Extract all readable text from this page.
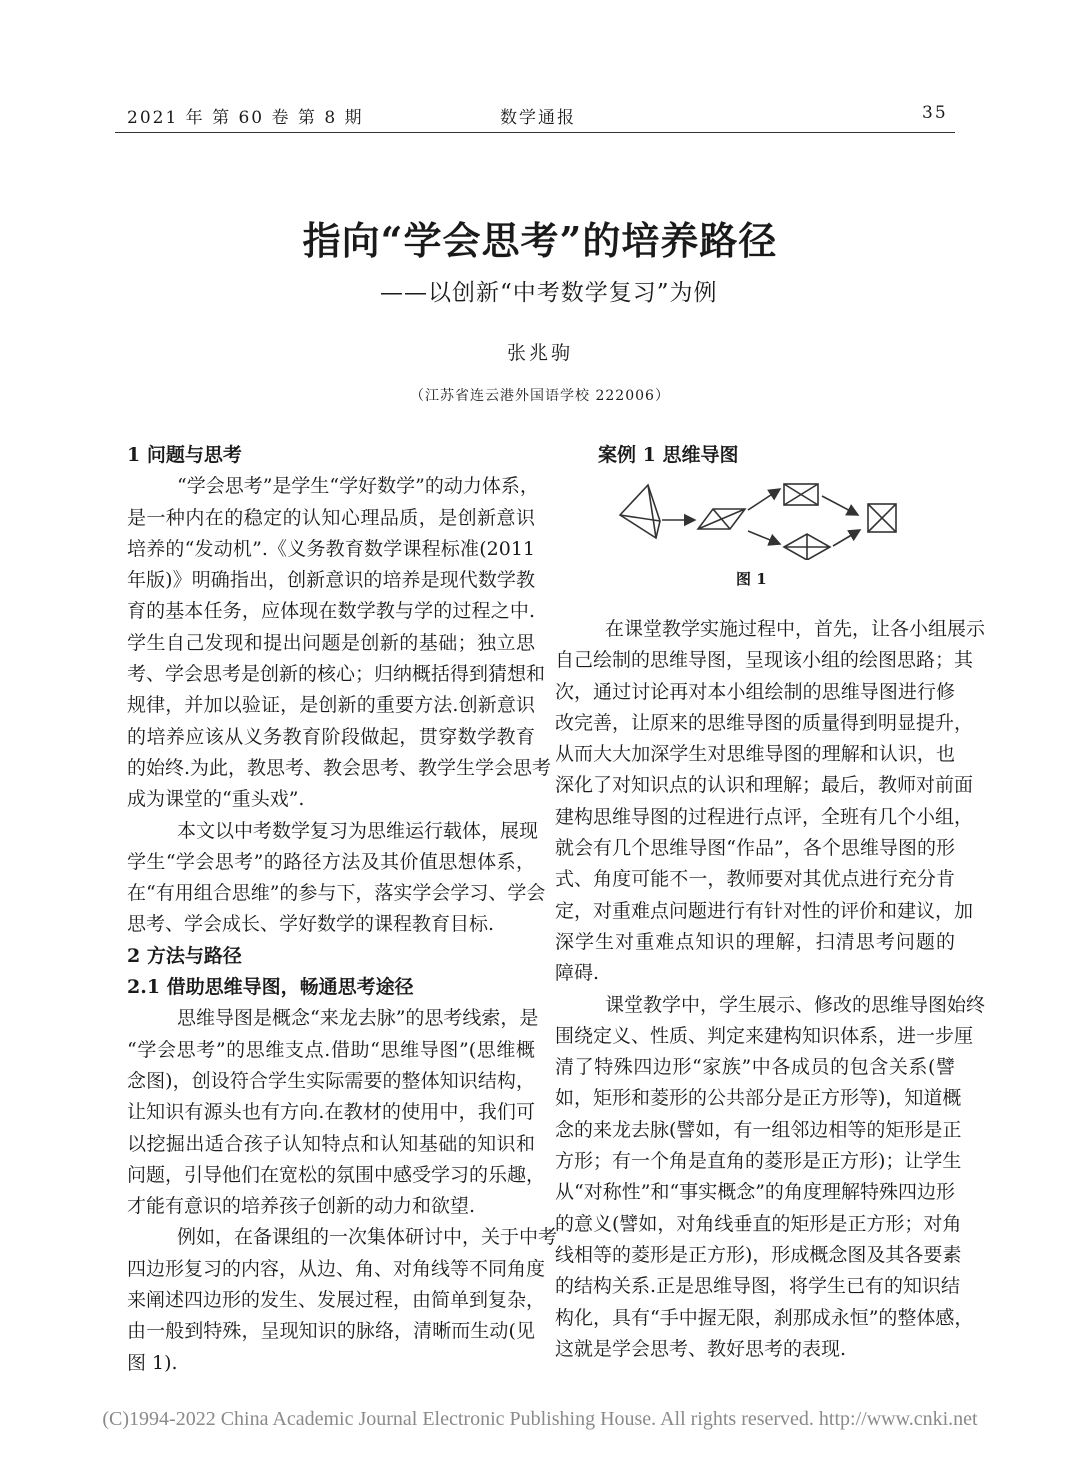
2021 年 第 60 卷 第 8 期	数学通报	35
指向“学会思考”的培养路径
——以创新“中考数学复习”为例
张兆驹
（江苏省连云港外国语学校 222006）
1 问题与思考
“学会思考”是学生“学好数学”的动力体系，
是一种内在的稳定的认知心理品质，是创新意识
培养的“发动机”.《义务教育数学课程标准(2011
年版)》明确指出，创新意识的培养是现代数学教
育的基本任务，应体现在数学教与学的过程之中.
学生自己发现和提出问题是创新的基础；独立思
考、学会思考是创新的核心；归纳概括得到猜想和
规律，并加以验证，是创新的重要方法.创新意识
的培养应该从义务教育阶段做起，贯穿数学教育
的始终.为此，教思考、教会思考、教学生学会思考
成为课堂的“重头戏”.
本文以中考数学复习为思维运行载体，展现
学生“学会思考”的路径方法及其价值思想体系，
在“有用组合思维”的参与下，落实学会学习、学会
思考、学会成长、学好数学的课程教育目标.
2 方法与路径
2.1 借助思维导图，畅通思考途径
思维导图是概念“来龙去脉”的思考线索，是
“学会思考”的思维支点.借助“思维导图”(思维概
念图)，创设符合学生实际需要的整体知识结构，
让知识有源头也有方向.在教材的使用中，我们可
以挖掘出适合孩子认知特点和认知基础的知识和
问题，引导他们在宽松的氛围中感受学习的乐趣，
才能有意识的培养孩子创新的动力和欲望.
例如，在备课组的一次集体研讨中，关于中考
四边形复习的内容，从边、角、对角线等不同角度
来阐述四边形的发生、发展过程，由简单到复杂，
由一般到特殊，呈现知识的脉络，清晰而生动(见
图 1).
案例 1 思维导图
图 1
在课堂教学实施过程中，首先，让各小组展示
自己绘制的思维导图，呈现该小组的绘图思路；其
次，通过讨论再对本小组绘制的思维导图进行修
改完善，让原来的思维导图的质量得到明显提升，
从而大大加深学生对思维导图的理解和认识，也
深化了对知识点的认识和理解；最后，教师对前面
建构思维导图的过程进行点评，全班有几个小组，
就会有几个思维导图“作品”，各个思维导图的形
式、角度可能不一，教师要对其优点进行充分肯
定，对重难点问题进行有针对性的评价和建议，加
深学生对重难点知识的理解，扫清思考问题的
障碍.
课堂教学中，学生展示、修改的思维导图始终
围绕定义、性质、判定来建构知识体系，进一步厘
清了特殊四边形“家族”中各成员的包含关系(譬
如，矩形和菱形的公共部分是正方形等)，知道概
念的来龙去脉(譬如，有一组邻边相等的矩形是正
方形；有一个角是直角的菱形是正方形)；让学生
从“对称性”和“事实概念”的角度理解特殊四边形
的意义(譬如，对角线垂直的矩形是正方形；对角
线相等的菱形是正方形)，形成概念图及其各要素
的结构关系.正是思维导图，将学生已有的知识结
构化，具有“手中握无限，刹那成永恒”的整体感，
这就是学会思考、教好思考的表现.
(C)1994-2022 China Academic Journal Electronic Publishing House. All rights reserved. http://www.cnki.net
